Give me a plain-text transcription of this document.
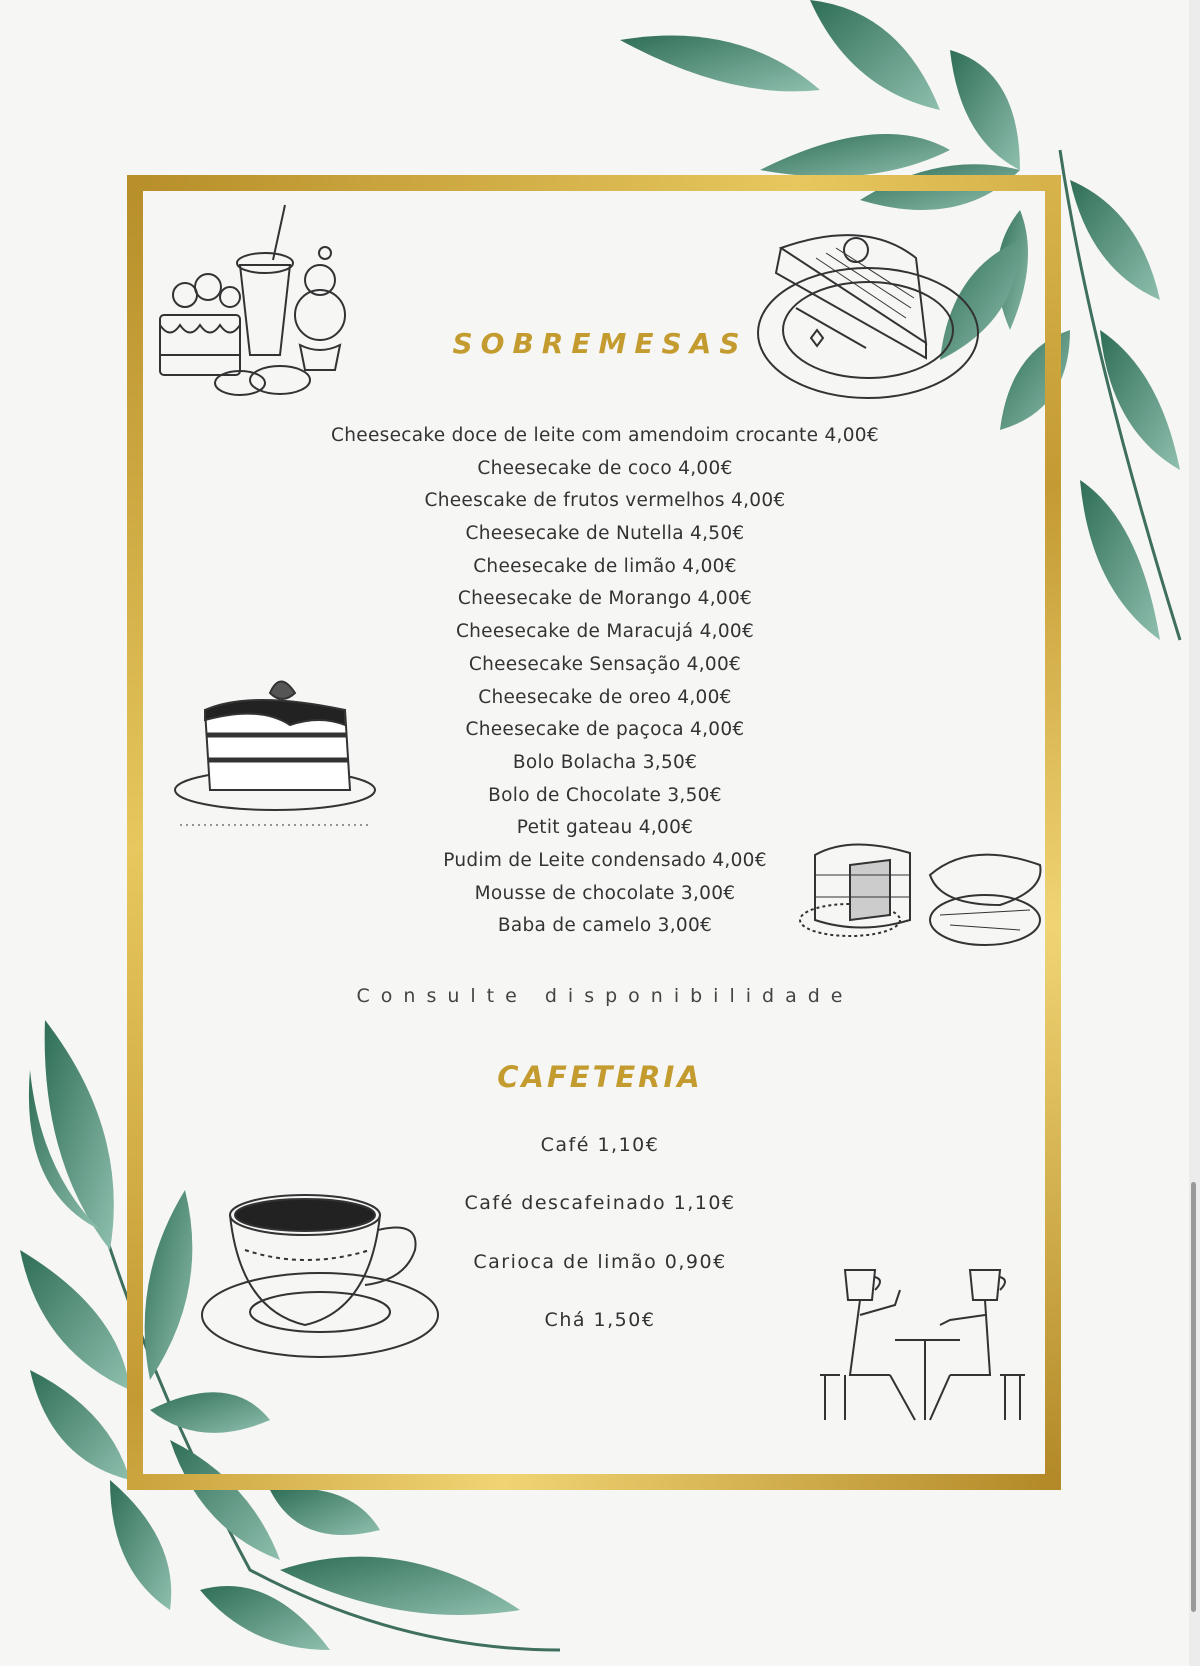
SOBREMESAS
Cheesecake doce de leite com amendoim crocante 4,00€
Cheesecake de coco 4,00€
Cheescake de frutos vermelhos 4,00€
Cheesecake de Nutella 4,50€
Cheesecake de limão 4,00€
Cheesecake de Morango 4,00€
Cheesecake de Maracujá 4,00€
Cheesecake Sensação 4,00€
Cheesecake de oreo 4,00€
Cheesecake de paçoca 4,00€
Bolo Bolacha 3,50€
Bolo de Chocolate 3,50€
Petit gateau 4,00€
Pudim de Leite condensado 4,00€
Mousse de chocolate 3,00€
Baba de camelo 3,00€
Consulte disponibilidade
CAFETERIA
Café 1,10€
Café descafeinado 1,10€
Carioca de limão 0,90€
Chá 1,50€
